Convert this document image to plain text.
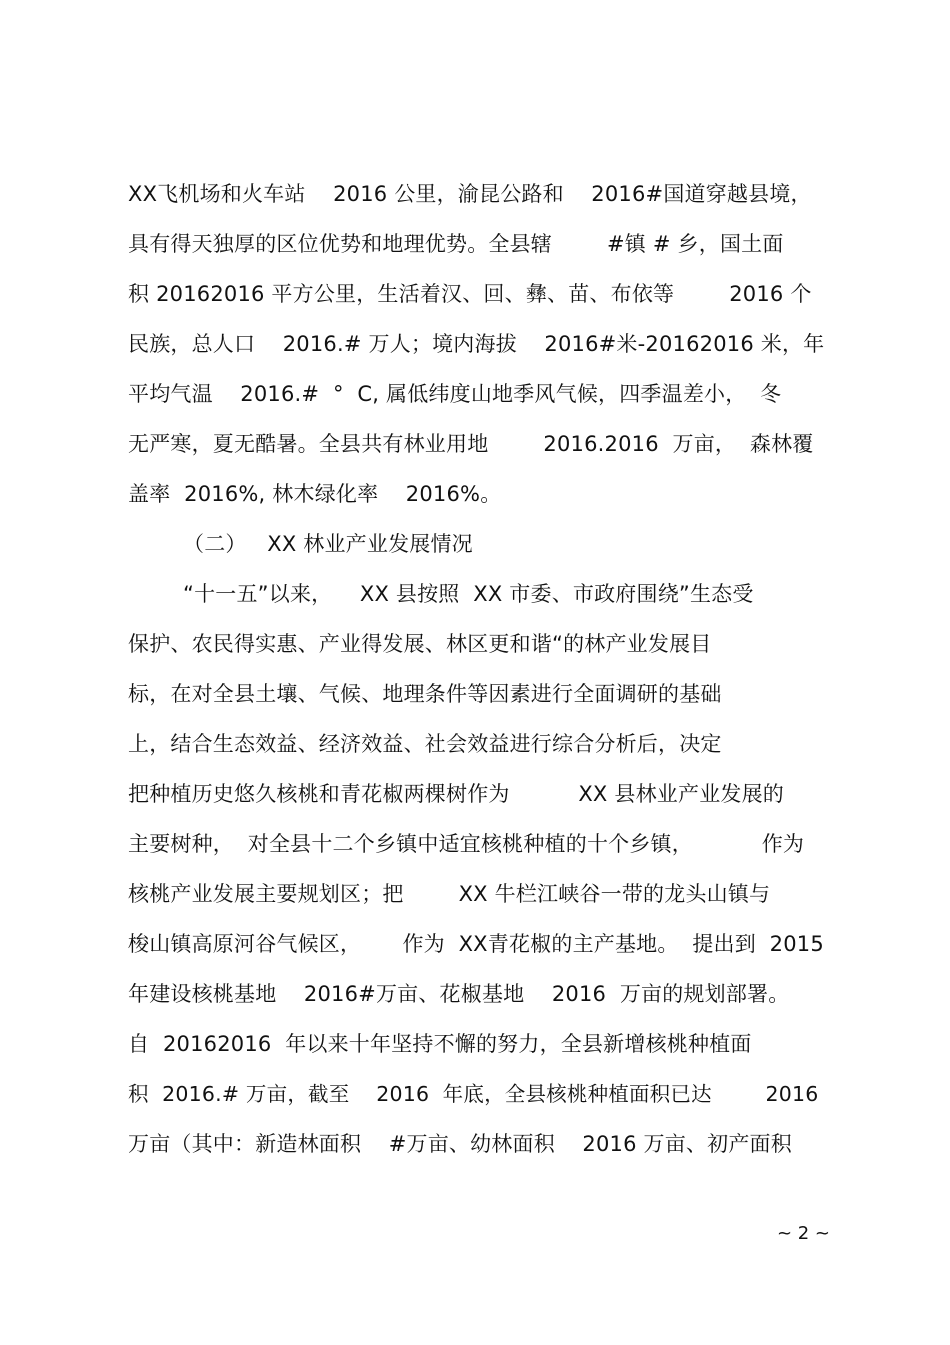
XX飞机场和火车站    2016 公里，渝昆公路和    2016#国道穿越县境，
具有得天独厚的区位优势和地理优势。全县辖        #镇 # 乡，国土面
积 20162016 平方公里，生活着汉、回、彝、苗、布依等        2016 个
民族，总人口    2016.# 万人；境内海拔    2016#米-20162016 米，年
平均气温    2016.#  °  C, 属低纬度山地季风气候，四季温差小，  冬
无严寒，夏无酷暑。全县共有林业用地        2016.2016  万亩，  森林覆
盖率  2016%, 林木绿化率    2016%。
（二）   XX 林业产业发展情况
“十一五”以来，    XX 县按照  XX 市委、市政府围绕”生态受
保护、农民得实惠、产业得发展、林区更和谐“的林产业发展目
标，在对全县土壤、气候、地理条件等因素进行全面调研的基础
上，结合生态效益、经济效益、社会效益进行综合分析后，决定
把种植历史悠久核桃和青花椒两棵树作为          XX 县林业产业发展的
主要树种，  对全县十二个乡镇中适宜核桃种植的十个乡镇，          作为
核桃产业发展主要规划区；把        XX 牛栏江峡谷一带的龙头山镇与
梭山镇高原河谷气候区，      作为  XX青花椒的主产基地。  提出到  2015
年建设核桃基地    2016#万亩、花椒基地    2016  万亩的规划部署。
自  20162016  年以来十年坚持不懈的努力，全县新增核桃种植面
积  2016.# 万亩，截至    2016  年底，全县核桃种植面积已达        2016
万亩（其中：新造林面积    #万亩、幼林面积    2016 万亩、初产面积
~ 2 ~
